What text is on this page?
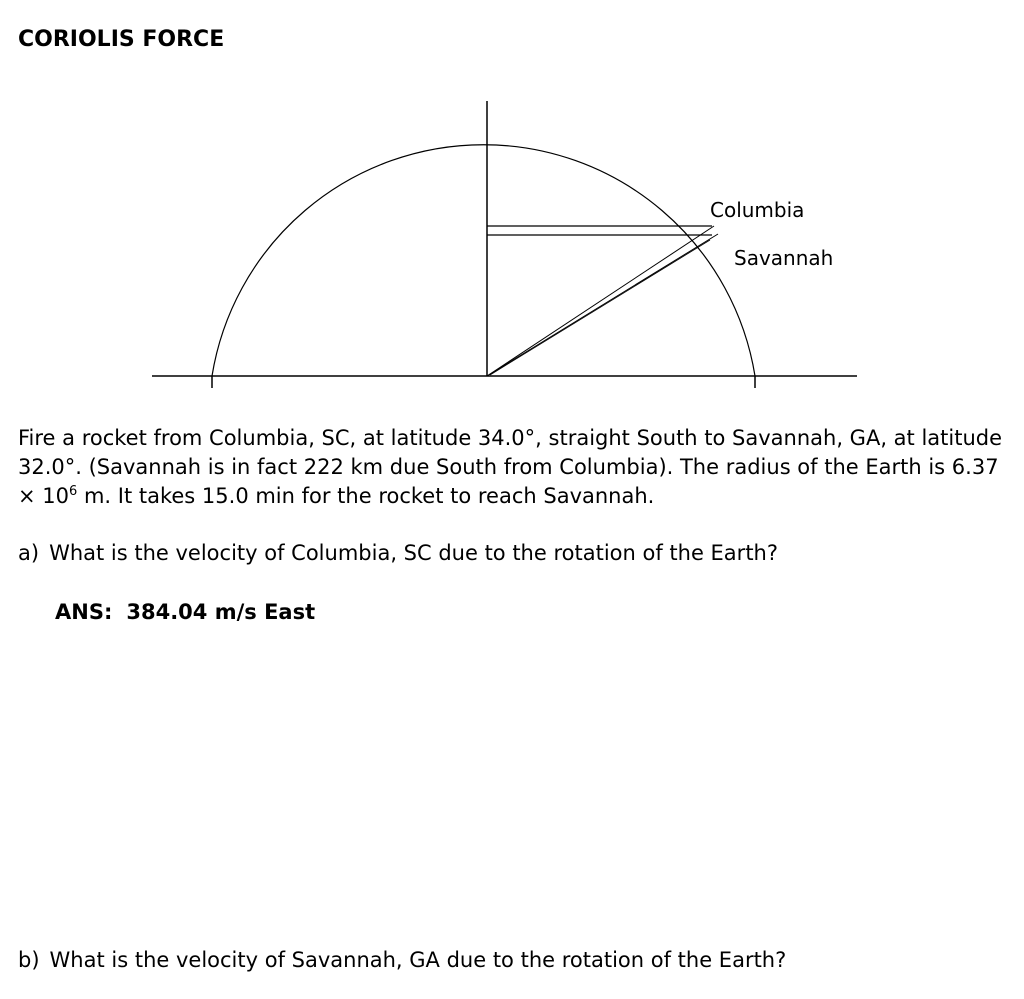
CORIOLIS FORCE
Columbia
Savannah

Fire a rocket from Columbia, SC, at latitude 34.0°, straight South to Savannah, GA, at latitude 32.0°. (Savannah is in fact 222 km due South from Columbia). The radius of the Earth is $6.37 \times 10^6$ m. It takes 15.0 min for the rocket to reach Savannah.

a) What is the velocity of Columbia, SC due to the rotation of the Earth?

ANS: 384.04 m/s East

b) What is the velocity of Savannah, GA due to the rotation of the Earth?
